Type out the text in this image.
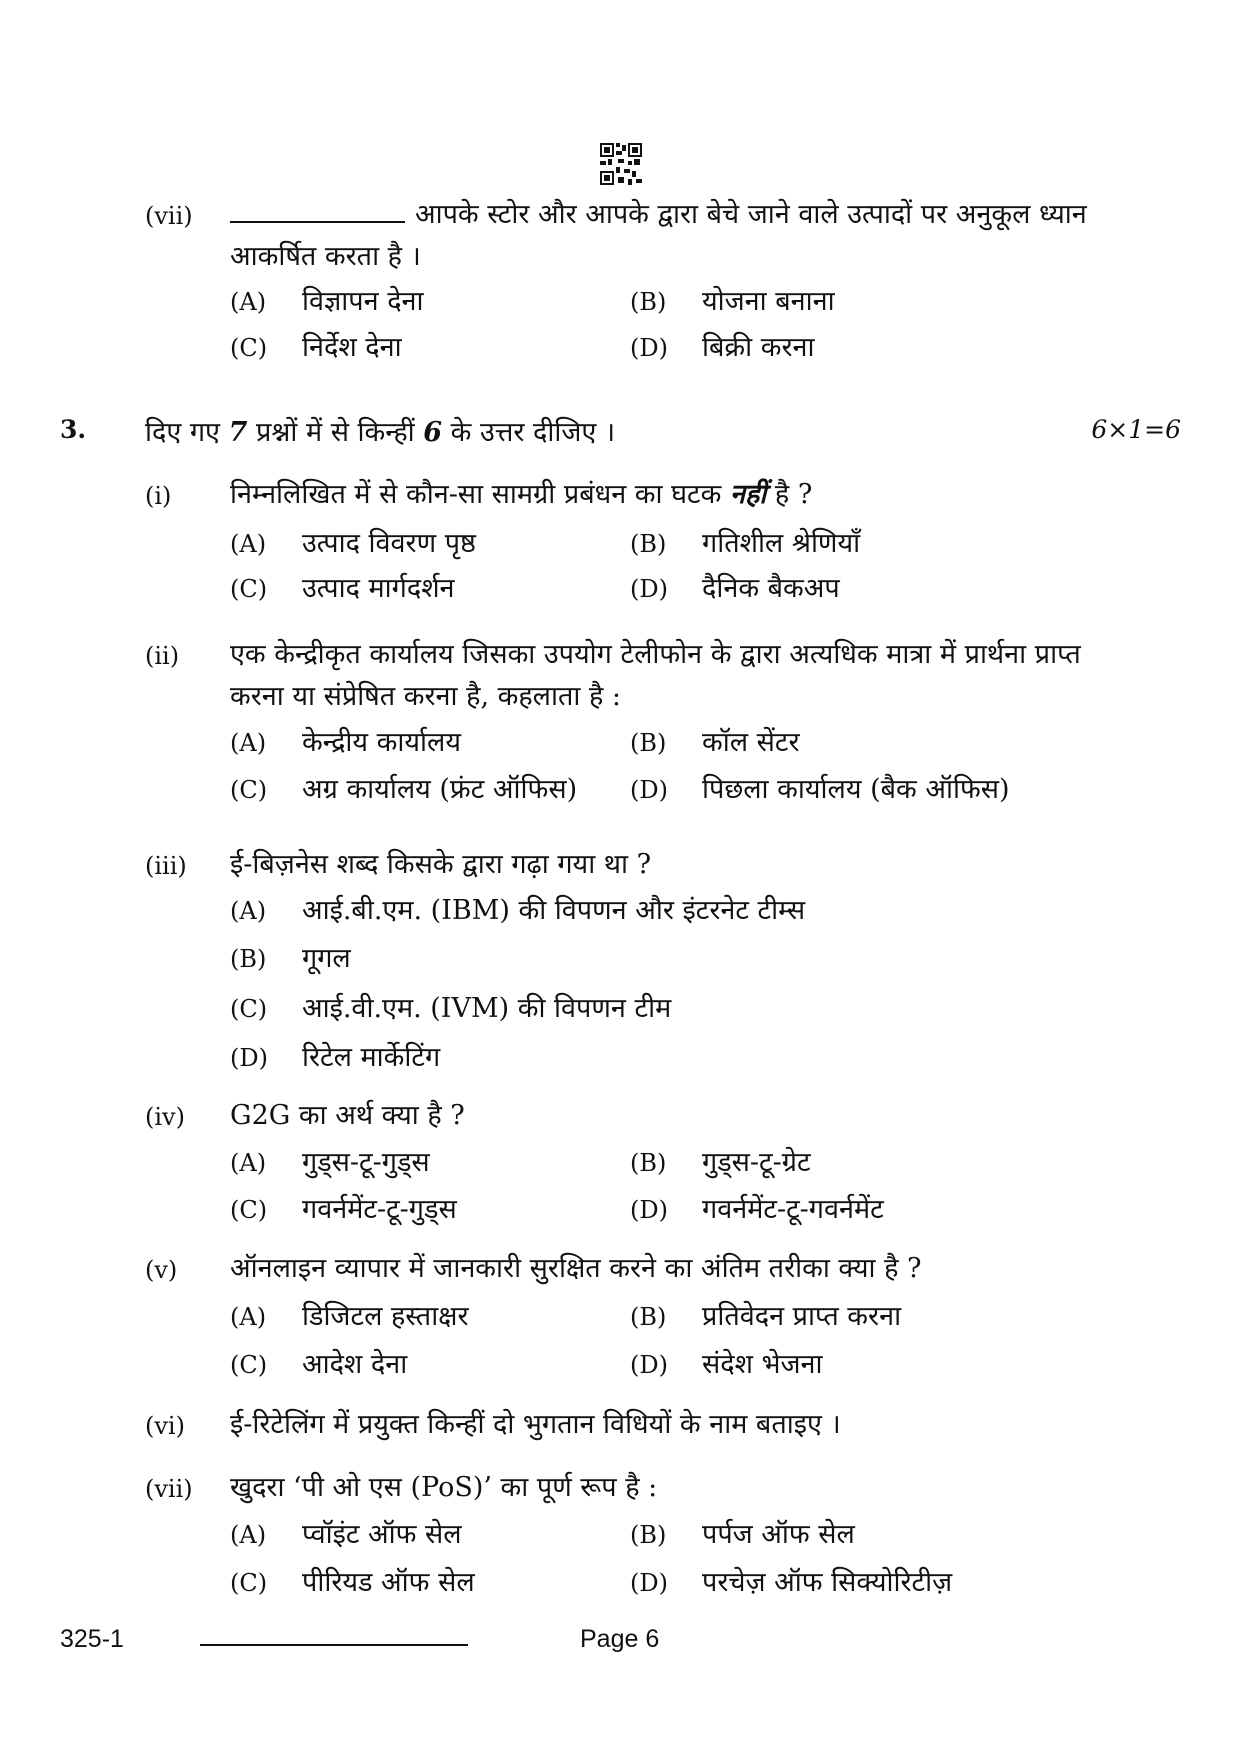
(vii)	आपके स्टोर और आपके द्वारा बेचे जाने वाले उत्पादों पर अनुकूल ध्यान आकर्षित करता है ।
(A) विज्ञापन देना	(B) योजना बनाना
(C) निर्देश देना	(D) बिक्री करना
3. दिए गए 7 प्रश्नों में से किन्हीं 6 के उत्तर दीजिए ।	6×1=6
(i) निम्नलिखित में से कौन-सा सामग्री प्रबंधन का घटक नहीं है ?
(A) उत्पाद विवरण पृष्ठ	(B) गतिशील श्रेणियाँ
(C) उत्पाद मार्गदर्शन	(D) दैनिक बैकअप
(ii) एक केन्द्रीकृत कार्यालय जिसका उपयोग टेलीफोन के द्वारा अत्यधिक मात्रा में प्रार्थना प्राप्त करना या संप्रेषित करना है, कहलाता है :
(A) केन्द्रीय कार्यालय	(B) कॉल सेंटर
(C) अग्र कार्यालय (फ्रंट ऑफिस) (D) पिछला कार्यालय (बैक ऑफिस)
(iii) ई-बिज़नेस शब्द किसके द्वारा गढ़ा गया था ?
(A) आई.बी.एम. (IBM) की विपणन और इंटरनेट टीम्स
(B) गूगल
(C) आई.वी.एम. (IVM) की विपणन टीम
(D) रिटेल मार्केटिंग
(iv) G2G का अर्थ क्या है ?
(A) गुड्स-टू-गुड्स	(B) गुड्स-टू-ग्रेट
(C) गवर्नमेंट-टू-गुड्स	(D) गवर्नमेंट-टू-गवर्नमेंट
(v) ऑनलाइन व्यापार में जानकारी सुरक्षित करने का अंतिम तरीका क्या है ?
(A) डिजिटल हस्ताक्षर	(B) प्रतिवेदन प्राप्त करना
(C) आदेश देना	(D) संदेश भेजना
(vi) ई-रिटेलिंग में प्रयुक्त किन्हीं दो भुगतान विधियों के नाम बताइए ।
(vii) खुदरा ‘पी ओ एस (PoS)’ का पूर्ण रूप है :
(A) प्वॉइंट ऑफ सेल	(B) पर्पज ऑफ सेल
(C) पीरियड ऑफ सेल	(D) परचेज़ ऑफ सिक्योरिटीज़
325-1	Page 6
